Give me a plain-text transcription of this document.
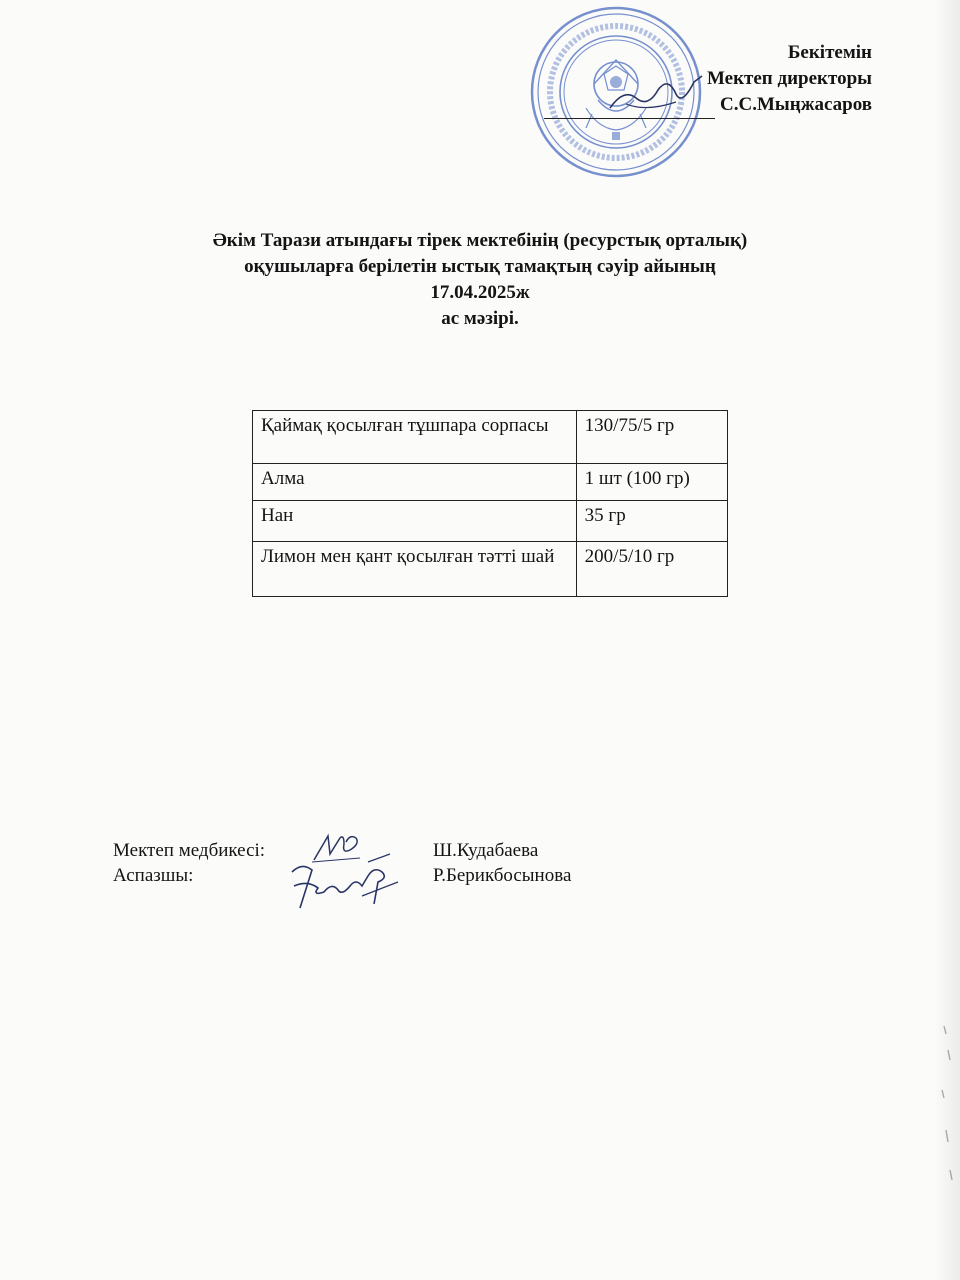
Бекітемін
Мектеп директоры
С.С.Мыңжасаров
Әкім Тарази атындағы тірек мектебінің (ресурстық орталық)
оқушыларға берілетін ыстық тамақтың сәуір айының
17.04.2025ж
ас мәзірі.
Қаймақ қосылған тұшпара сорпасы	130/75/5 гр
Алма	1 шт (100 гр)
Нан	35 гр
Лимон мен қант қосылған тәтті шай	200/5/10 гр
Мектеп медбикесі:	Ш.Кудабаева
Аспазшы:	Р.Берикбосынова
